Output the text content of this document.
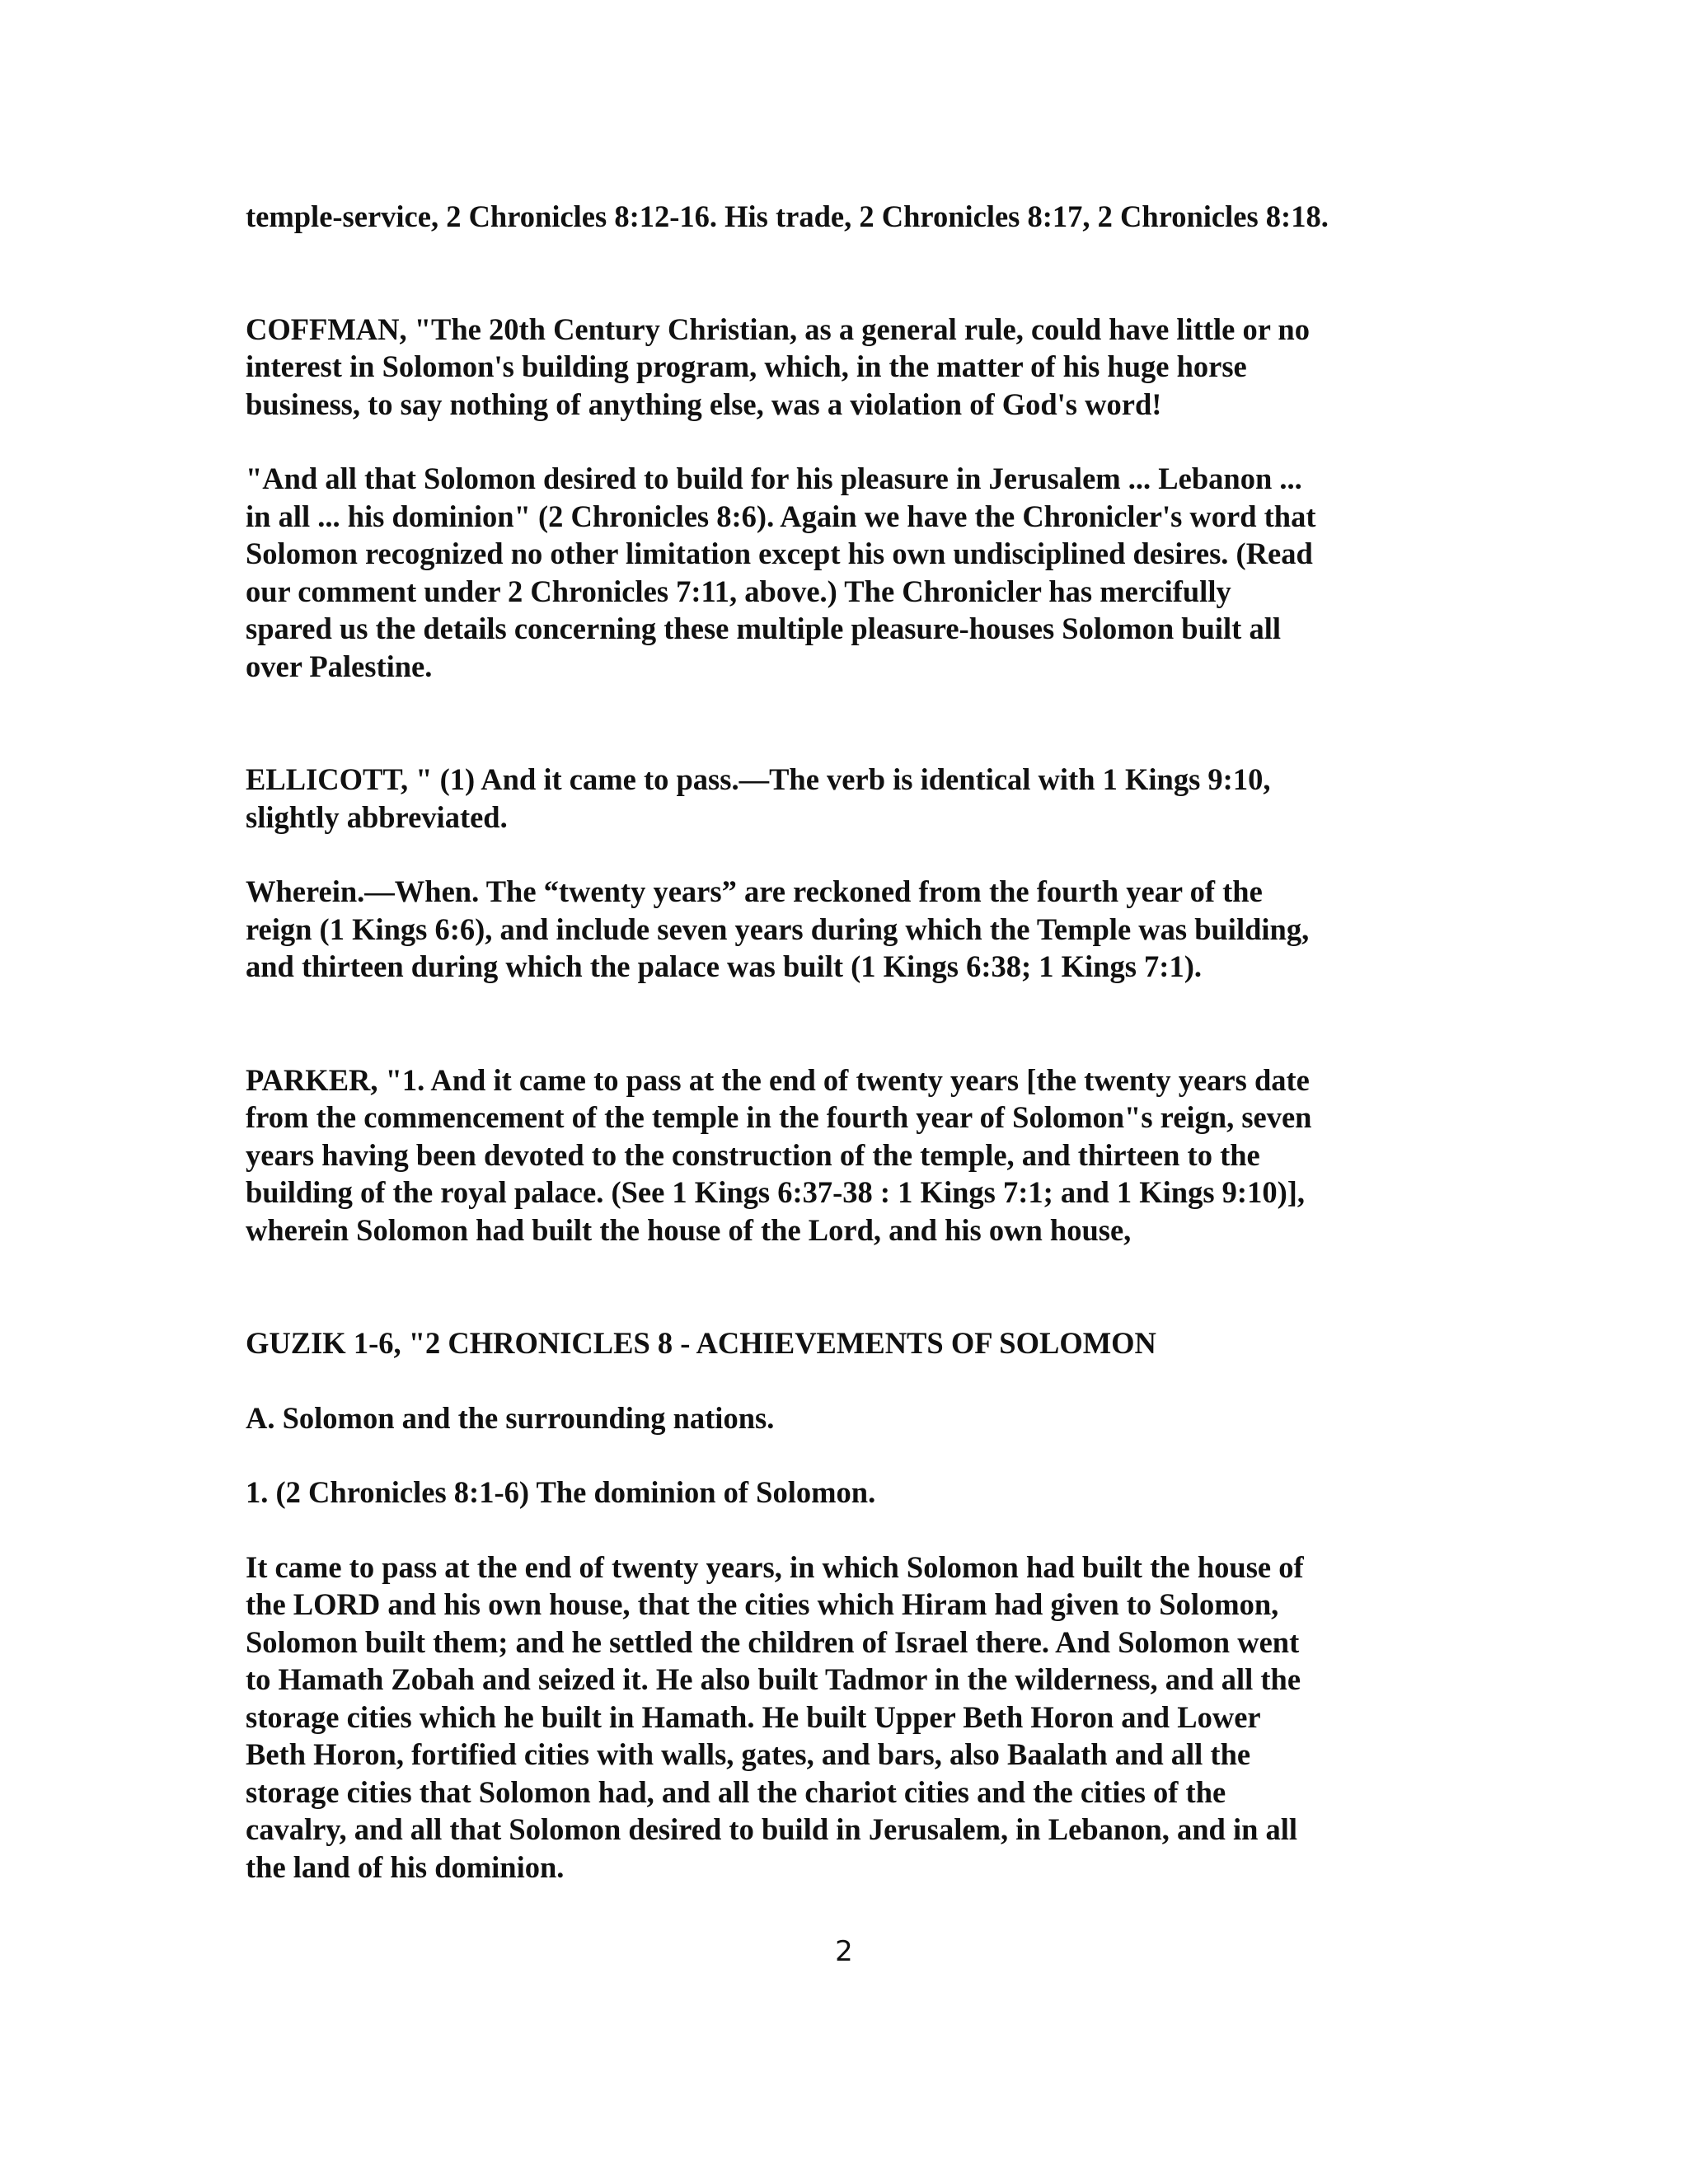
temple-service, 2 Chronicles 8:12-16. His trade, 2 Chronicles 8:17, 2 Chronicles 8:18.

COFFMAN, "The 20th Century Christian, as a general rule, could have little or no

interest in Solomon's building program, which, in the matter of his huge horse

business, to say nothing of anything else, was a violation of God's word!

"And all that Solomon desired to build for his pleasure in Jerusalem ... Lebanon ...

in all ... his dominion" (2 Chronicles 8:6). Again we have the Chronicler's word that

Solomon recognized no other limitation except his own undisciplined desires. (Read

our comment under 2 Chronicles 7:11, above.) The Chronicler has mercifully

spared us the details concerning these multiple pleasure-houses Solomon built all

over Palestine.

ELLICOTT, " (1) And it came to pass.—The verb is identical with 1 Kings 9:10,

slightly abbreviated.

Wherein.—When. The “twenty years” are reckoned from the fourth year of the

reign (1 Kings 6:6), and include seven years during which the Temple was building,

and thirteen during which the palace was built (1 Kings 6:38; 1 Kings 7:1).

PARKER, "1. And it came to pass at the end of twenty years [the twenty years date

from the commencement of the temple in the fourth year of Solomon"s reign, seven

years having been devoted to the construction of the temple, and thirteen to the

building of the royal palace. (See 1 Kings 6:37-38 : 1 Kings 7:1; and 1 Kings 9:10)],

wherein Solomon had built the house of the Lord, and his own house,

GUZIK 1-6, "2 CHRONICLES 8 - ACHIEVEMENTS OF SOLOMON

A. Solomon and the surrounding nations.

1. (2 Chronicles 8:1-6) The dominion of Solomon.

It came to pass at the end of twenty years, in which Solomon had built the house of

the LORD and his own house, that the cities which Hiram had given to Solomon,

Solomon built them; and he settled the children of Israel there. And Solomon went

to Hamath Zobah and seized it. He also built Tadmor in the wilderness, and all the

storage cities which he built in Hamath. He built Upper Beth Horon and Lower

Beth Horon, fortified cities with walls, gates, and bars, also Baalath and all the

storage cities that Solomon had, and all the chariot cities and the cities of the

cavalry, and all that Solomon desired to build in Jerusalem, in Lebanon, and in all

the land of his dominion.

2
